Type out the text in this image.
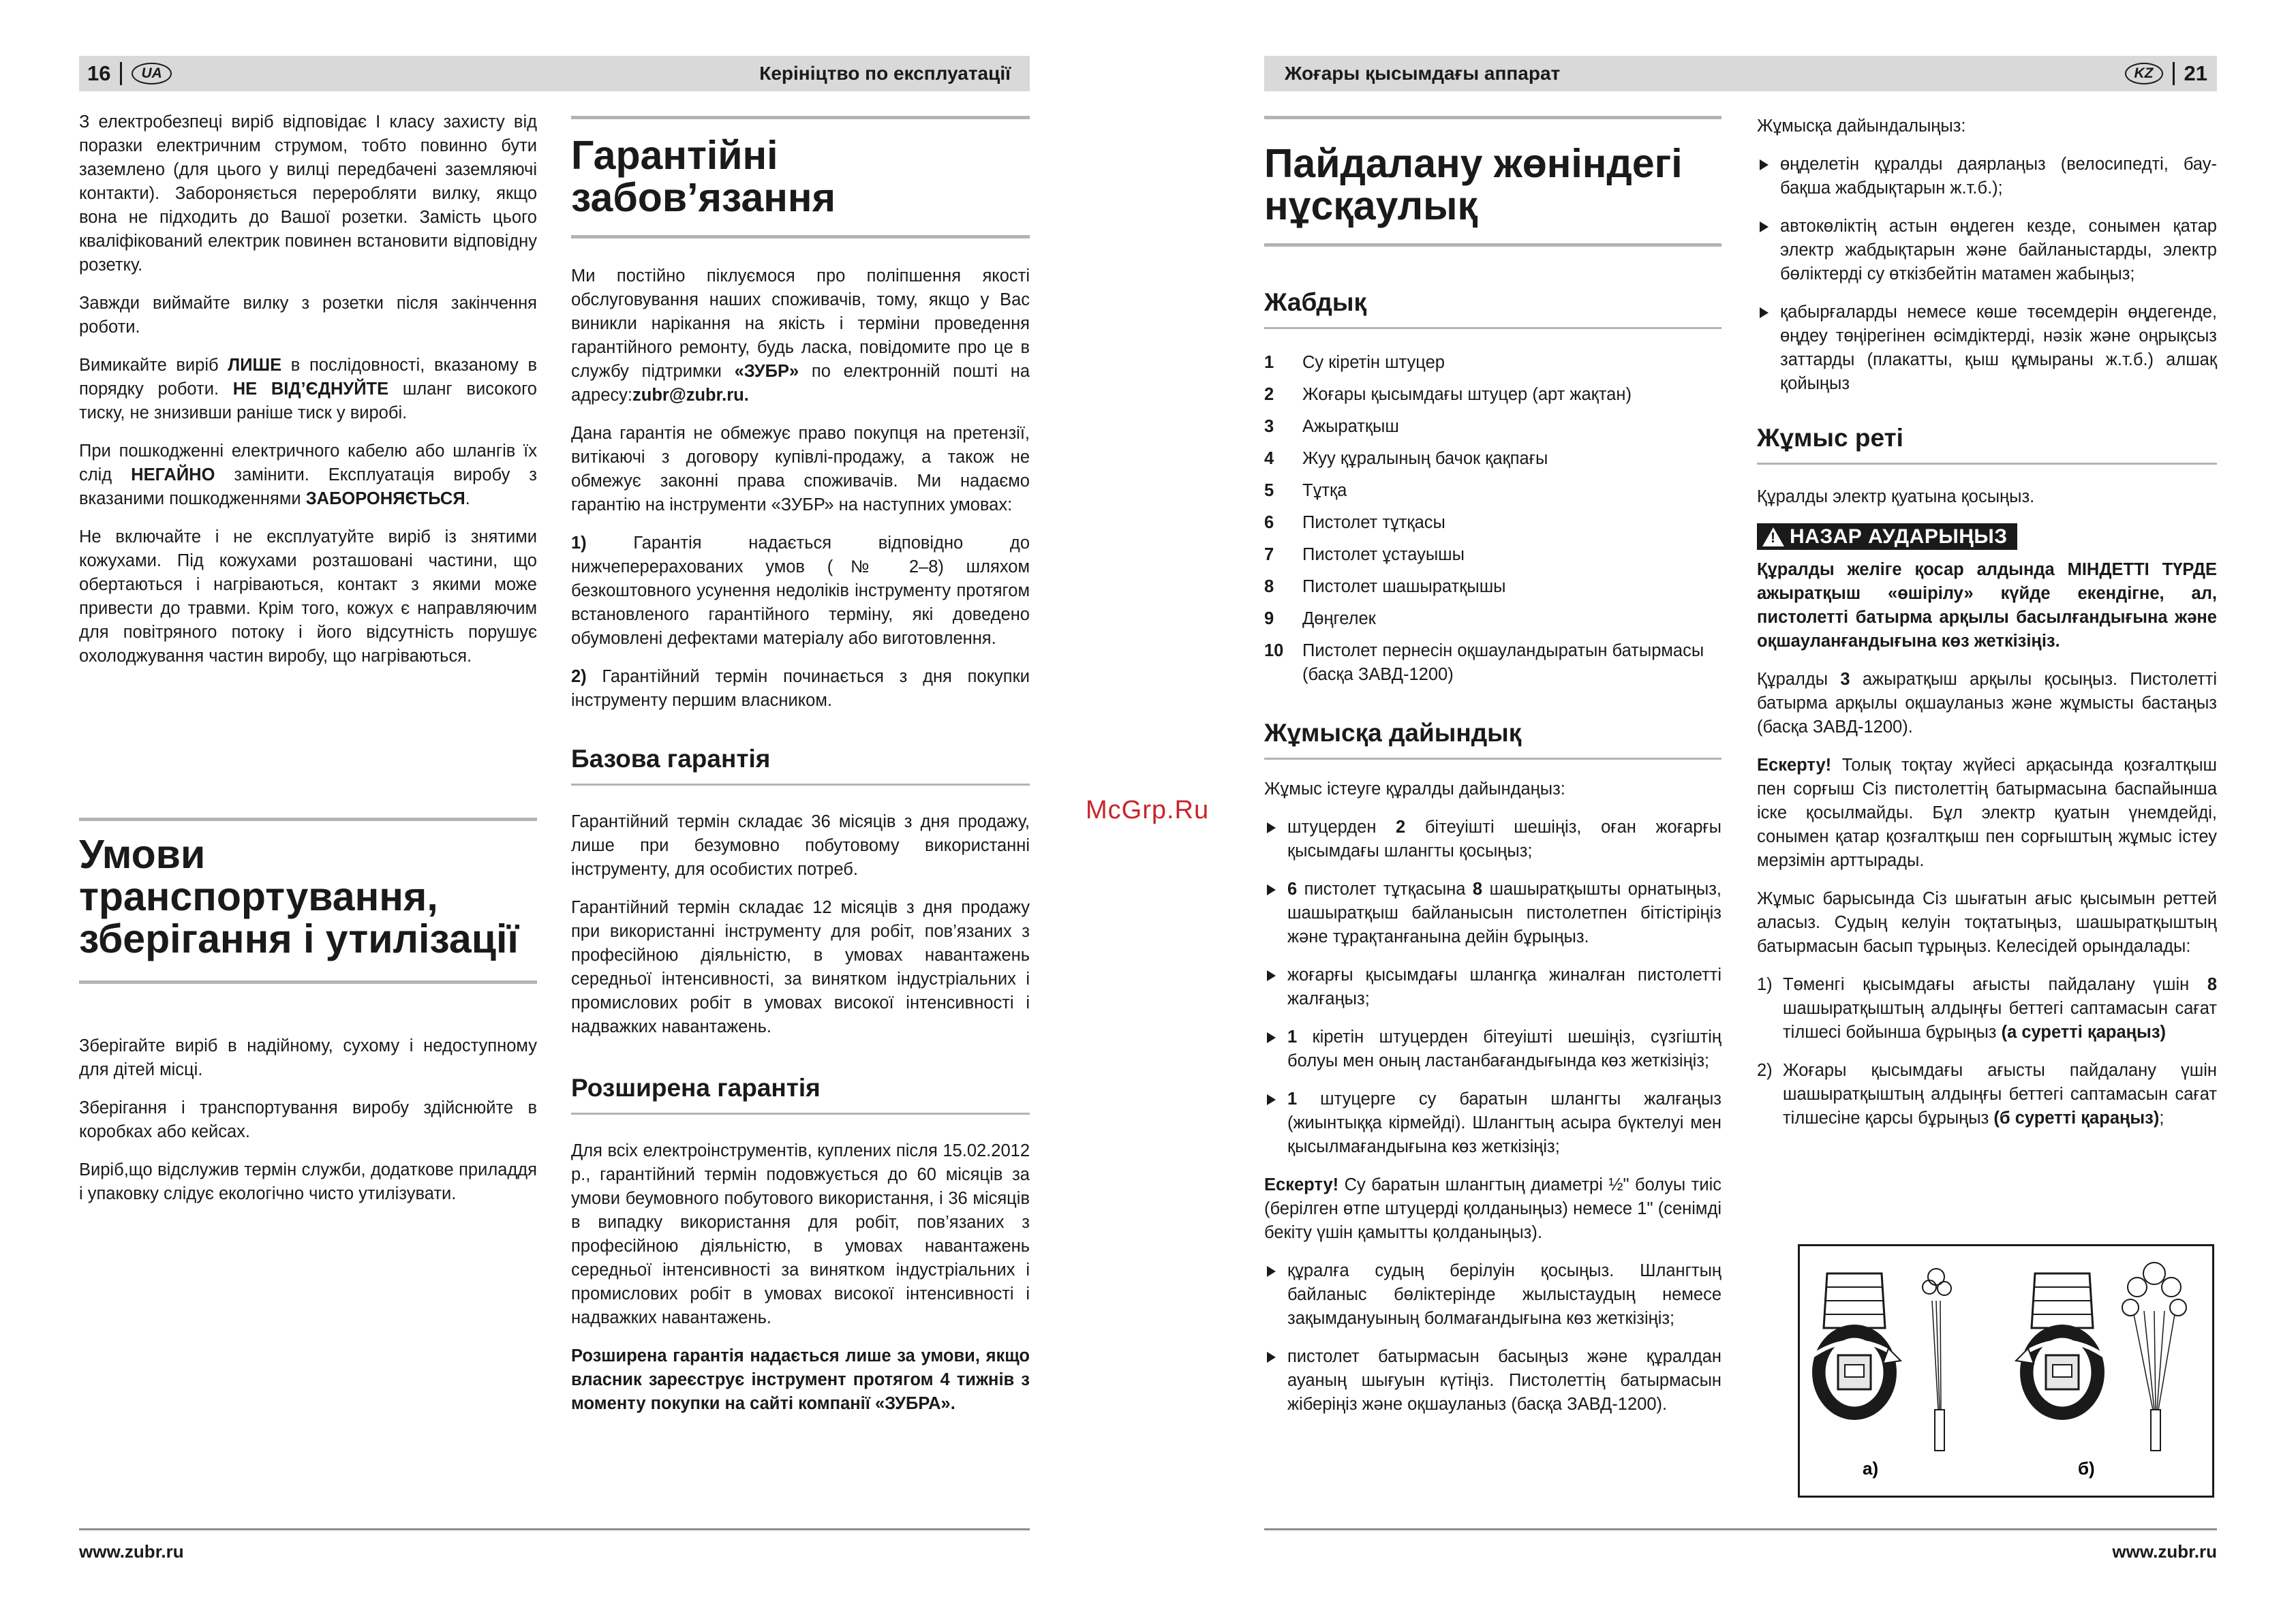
16	UA	Керініцтво по експлуатації

З електробезпеці виріб відповідає I класу захисту від поразки електричним струмом, тобто повинно бути заземлено (для цього у вилці передбачені заземляючі контакти). Забороняється переробляти вилку, якщо вона не підходить до Вашої розетки. Замість цього кваліфікований електрик повинен встановити відповідну розетку.

Завжди виймайте вилку з розетки після закінчення роботи.

Вимикайте виріб ЛИШЕ в послідовності, вказаному в порядку роботи. НЕ ВІД’ЄДНУЙТЕ шланг високого тиску, не знизивши раніше тиск у виробі.

При пошкодженні електричного кабелю або шлангів їх слід НЕГАЙНО замінити. Експлуатація виробу з вказаними пошкодженнями ЗАБОРОНЯЄТЬСЯ.

Не включайте і не експлуатуйте виріб із знятими кожухами. Під кожухами розташовані частини, що обертаються і нагріваються, контакт з якими може привести до травми. Крім того, кожух є направляючим для повітряного потоку і його відсутність порушує охолоджування частин виробу, що нагріваються.

Умови транспортування, зберігання і утилізації

Зберігайте виріб в надійному, сухому і недоступному для дітей місці.

Зберігання і транспортування виробу здійснюйте в коробках або кейсах.

Виріб,що відслужив термін служби, додаткове приладдя і упаковку слідує екологічно чисто утилізувати.

Гарантійні забов’язання

Ми постійно піклуємося про поліпшення якості обслуговування наших споживачів, тому, якщо у Вас виникли нарікання на якість і терміни проведення гарантійного ремонту, будь ласка, повідомите про це в службу підтримки «ЗУБР» по електронній пошті на адресу:zubr@zubr.ru.

Дана гарантія не обмежує право покупця на претензії, витікаючі з договору купівлі-продажу, а також не обмежує законні права споживачів. Ми надаємо гарантію на інструменти «ЗУБР» на наступних умовах:

1) Гарантія надається відповідно до нижчеперерахованих умов (№ 2–8) шляхом безкоштовного усунення недоліків інструменту протягом встановленого гарантійного терміну, які доведено обумовлені дефектами матеріалу або виготовлення.

2) Гарантійний термін починається з дня покупки інструменту першим власником.

Базова гарантія

Гарантійний термін складає 36 місяців з дня продажу, лише при безумовно побутовому використанні інструменту, для особистих потреб.

Гарантійний термін складає 12 місяців з дня продажу при використанні інструменту для робіт, пов’язаних з професійною діяльністю, в умовах навантажень середньої інтенсивності, за винятком індустріальних і промислових робіт в умовах високої інтенсивності і надважких навантажень.

Розширена гарантія

Для всіх електроінструментів, куплених після 15.02.2012 р., гарантійний термін подовжується до 60 місяців за умови беумовного побутового використання, і 36 місяців в випадку використання для робіт, пов’язаних з професійною діяльністю, в умовах навантажень середньої інтенсивності за винятком індустріальних і промислових робіт в умовах високої інтенсивності і надважких навантажень.

Розширена гарантія надається лише за умови, якщо власник зареєструє інструмент протягом 4 тижнів з моменту покупки на сайті компанії «ЗУБРА».

www.zubr.ru
McGrp.Ru
Жоғары қысымдағы аппарат	KZ	21
Пайдалану жөніндегі нұсқаулық
Жабдық
1	Су кіретін штуцер
2	Жоғары қысымдағы штуцер (арт жақтан)
3	Ажыратқыш
4	Жуу құралының бачок қақпағы
5	Тұтқа
6	Пистолет тұтқасы
7	Пистолет ұстауышы
8	Пистолет шашыратқышы
9	Дөңгелек
10	Пистолет пернесін оқшауландыратын батырмасы (басқа ЗАВД-1200)
Жұмысқа дайындық

Жұмыс істеуге құралды дайындаңыз:

штуцерден 2 бітеуішті шешіңіз, оған жоғарғы қысымдағы шлангты қосыңыз;
6 пистолет тұтқасына 8 шашыратқышты орнатыңыз, шашыратқыш байланысын пистолетпен бітістіріңіз және тұрақтанғанына дейін бұрыңыз.
жоғарғы қысымдағы шлангқа жиналған пистолетті жалғаңыз;
1 кіретін штуцерден бітеуішті шешіңіз, сүзгіштің болуы мен оның ластанбағандығында көз жеткізіңіз;
1 штуцерге су баратын шлангты жалғаңыз (жиынтыққа кірмейді). Шлангтың асыра бүктелуі мен қысылмағандығына көз жеткізіңіз;

Ескерту! Су баратын шлангтың диаметрі ½" болуы тиіс (берілген өтпе штуцерді қолданыңыз) немесе 1" (сенімді бекіту үшін қамытты қолданыңыз).

құралға судың берілуін қосыңыз. Шлангтың байланыс бөліктерінде жылыстаудың немесе зақымдануының болмағандығына көз жеткізіңіз;
пистолет батырмасын басыңыз және құралдан ауаның шығуын күтіңіз. Пистолеттің батырмасын жіберіңіз және оқшауланыз (басқа ЗАВД-1200).

Жұмысқа дайындалыңыз:

өңделетін құралды даярлаңыз (велосипедті, бау-бақша жабдықтарын ж.т.б.);
автокөліктің астын өңдеген кезде, сонымен қатар электр жабдықтарын және байланыстарды, электр бөліктерді су өткізбейтін матамен жабыңыз;
қабырғаларды немесе көше төсемдерін өңдегенде, өңдеу төңірегінен өсімдіктерді, нәзік және оңрықсыз заттарды (плакатты, қыш құмыраны ж.т.б.) алшақ қойыңыз
Жұмыс реті

Құралды электр қуатына қосыңыз.

! НАЗАР АУДАРЫҢЫЗ

Құралды желіге қосар алдында МІНДЕТТІ ТҮРДЕ ажыратқыш «өшірілу» күйде екендігне, ал, пистолетті батырма арқылы басылғандығына және оқшауланғандығына көз жеткізіңіз.

Құралды 3 ажыратқыш арқылы қосыңыз. Пистолетті батырма арқылы оқшауланыз және жұмысты бастаңыз (басқа ЗАВД-1200).

Ескерту! Толық тоқтау жүйесі арқасында қозғалтқыш пен сорғыш Сіз пистолеттің батырмасына баспайынша іске қосылмайды. Бұл электр қуатын үнемдейді, сонымен қатар қозғалтқыш пен сорғыштың жұмыс істеу мерзімін арттырады.

Жұмыс барысында Сіз шығатын ағыс қысымын реттей аласыз. Судың келуін тоқтатыңыз, шашыратқыштың батырмасын басып тұрыңыз. Келесідей орындалады:

1) Төменгі қысымдағы ағысты пайдалану үшін 8 шашыратқыштың алдыңғы беттегі саптамасын сағат тілшесі бойынша бұрыңыз (а суретті қараңыз)
2) Жоғары қысымдағы ағысты пайдалану үшін шашыратқыштың алдыңғы беттегі саптамасын сағат тілшесіне қарсы бұрыңыз (б суретті қараңыз);
www.zubr.ru
а)	б)
